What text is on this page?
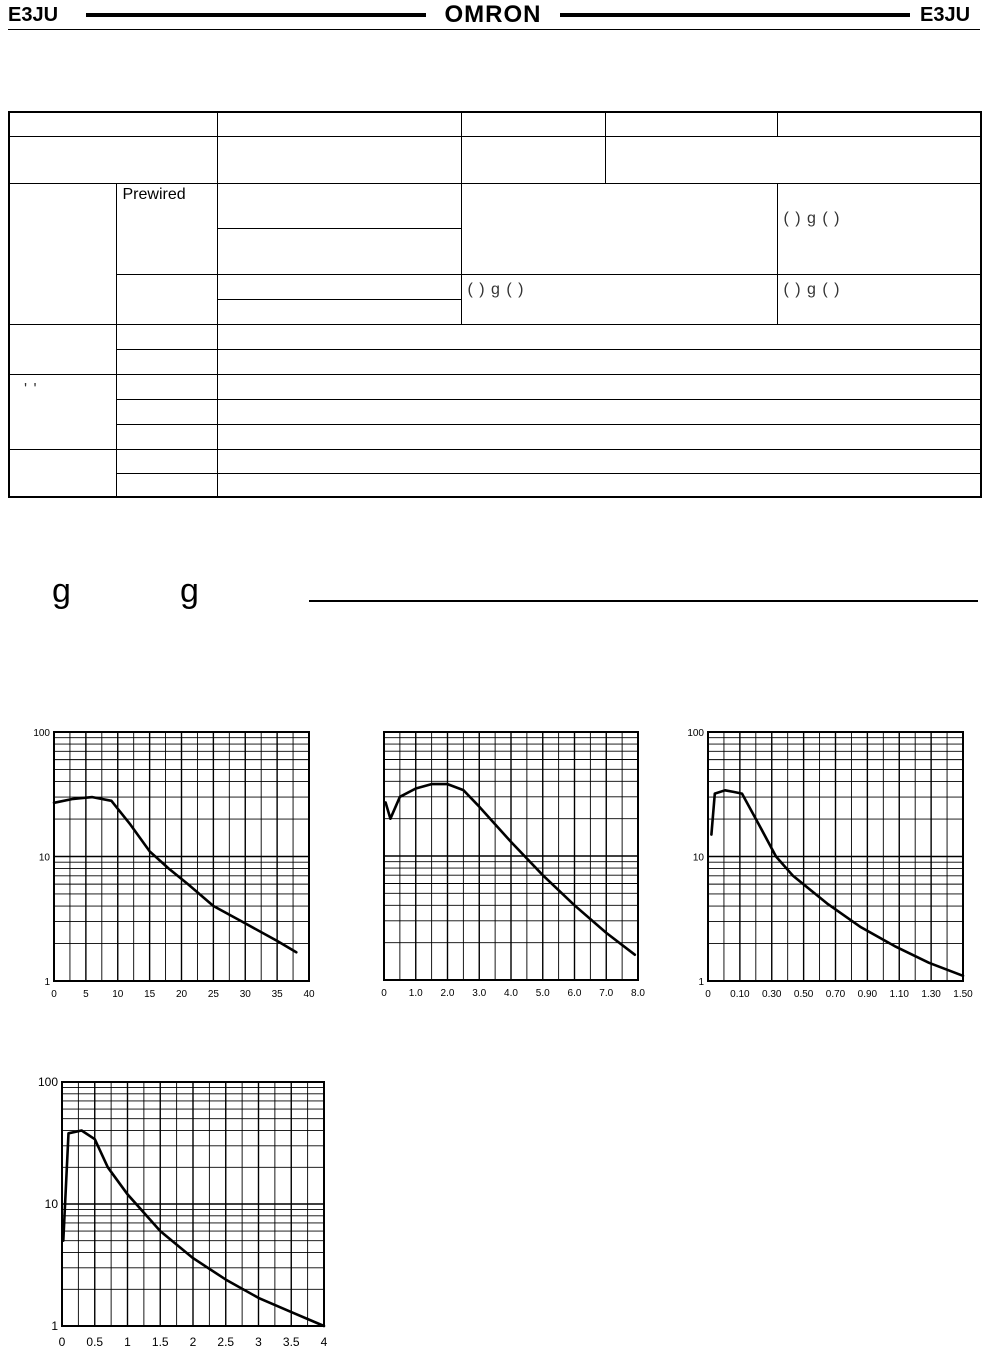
E3JU	OMRON	E3JU

	Prewired				( ) g ( )

			( ) g ( )		( ) g ( )

' '					

g	g
0	5 10 15 20 25 30 35 40
100
10
1
0 1.0 2.0 3.0 4.0 5.0 6.0 7.0 8.0	0 0.10 0.30 0.50 0.70 0.90 1.10 1.30 1.50
100
10
1
0 0.5 1 1.5 2 2.5 3 3.5 4
100
10
1
